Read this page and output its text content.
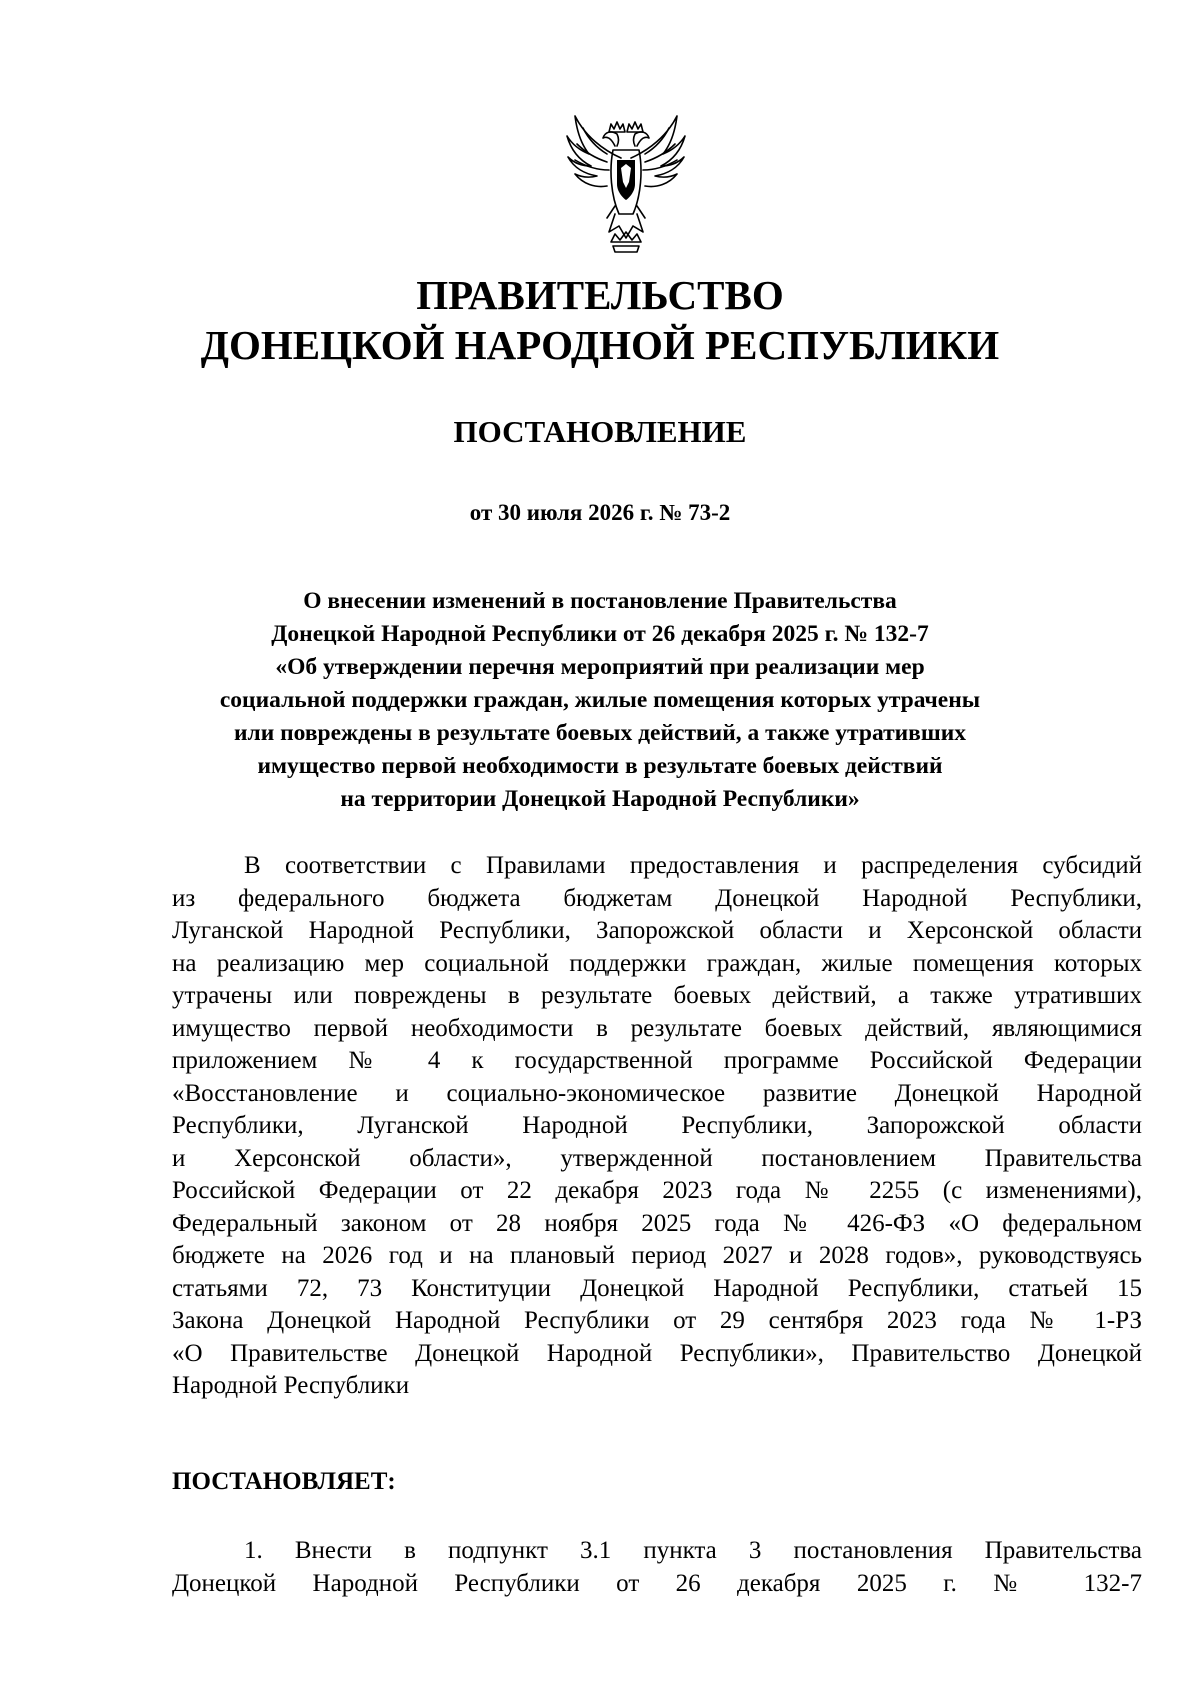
ПРАВИТЕЛЬСТВО
ДОНЕЦКОЙ НАРОДНОЙ РЕСПУБЛИКИ
ПОСТАНОВЛЕНИЕ
от 30 июля 2026 г. № 73-2
О внесении изменений в постановление Правительства
Донецкой Народной Республики от 26 декабря 2025 г. № 132-7
«Об утверждении перечня мероприятий при реализации мер
социальной поддержки граждан, жилые помещения которых утрачены
или повреждены в результате боевых действий, а также утративших
имущество первой необходимости в результате боевых действий
на территории Донецкой Народной Республики»
В соответствии с Правилами предоставления и распределения субсидий
из федерального бюджета бюджетам Донецкой Народной Республики,
Луганской Народной Республики, Запорожской области и Херсонской области
на реализацию мер социальной поддержки граждан, жилые помещения которых
утрачены или повреждены в результате боевых действий, а также утративших
имущество первой необходимости в результате боевых действий, являющимися
приложением № 4 к государственной программе Российской Федерации
«Восстановление и социально-экономическое развитие Донецкой Народной
Республики, Луганской Народной Республики, Запорожской области
и Херсонской области», утвержденной постановлением Правительства
Российской Федерации от 22 декабря 2023 года № 2255 (с изменениями),
Федеральный законом от 28 ноября 2025 года № 426-ФЗ «О федеральном
бюджете на 2026 год и на плановый период 2027 и 2028 годов», руководствуясь
статьями 72, 73 Конституции Донецкой Народной Республики, статьей 15
Закона Донецкой Народной Республики от 29 сентября 2023 года № 1-РЗ
«О Правительстве Донецкой Народной Республики», Правительство Донецкой
Народной Республики
ПОСТАНОВЛЯЕТ:
1. Внести в подпункт 3.1 пункта 3 постановления Правительства
Донецкой Народной Республики от 26 декабря 2025 г. № 132-7
